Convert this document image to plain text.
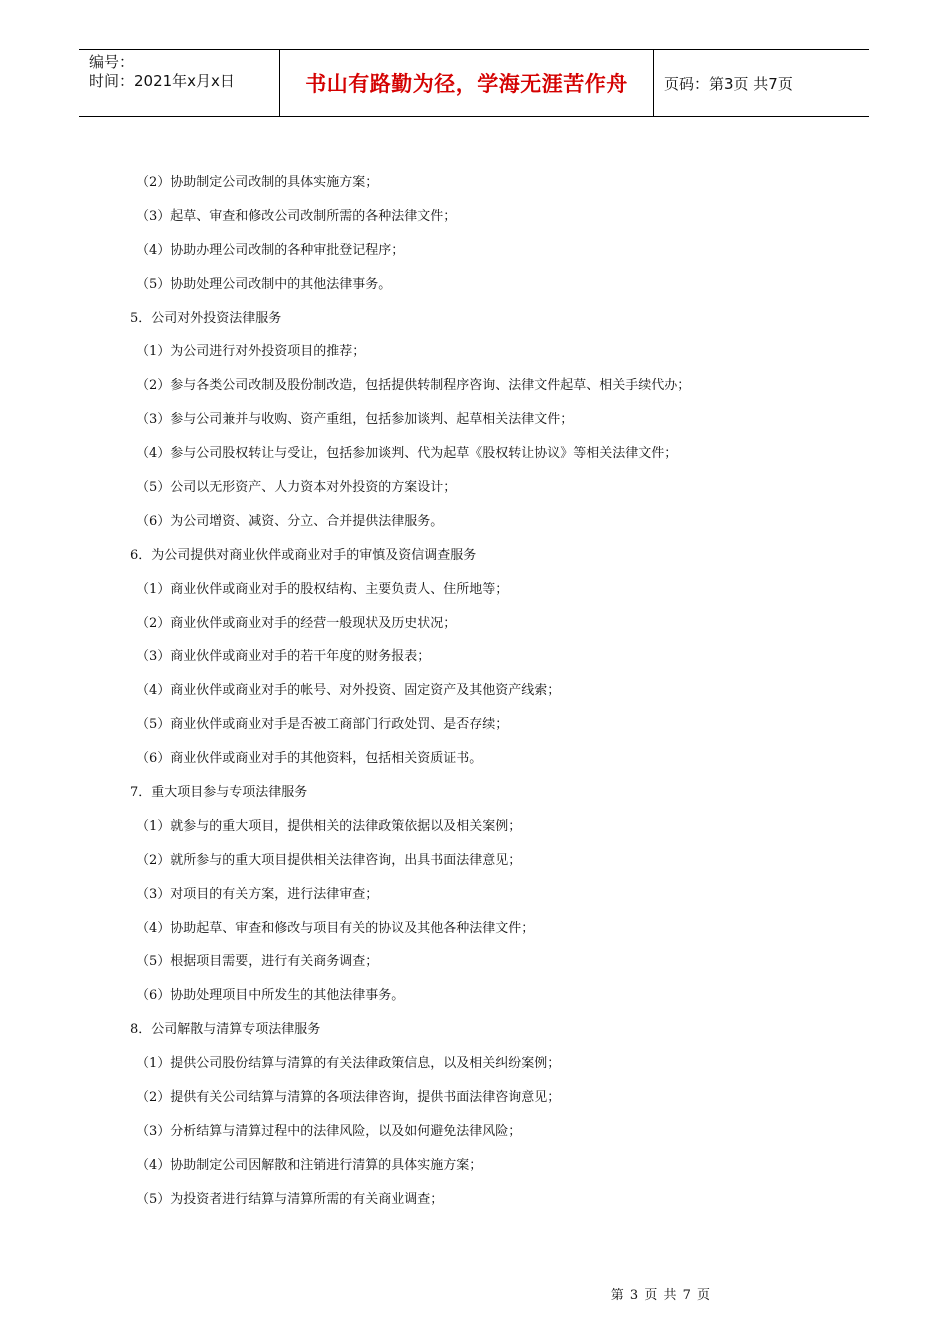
编号：
时间：2021年x月x日	书山有路勤为径，学海无涯苦作舟	页码：第3页 共7页
（2）协助制定公司改制的具体实施方案；
（3）起草、审查和修改公司改制所需的各种法律文件；
（4）协助办理公司改制的各种审批登记程序；
（5）协助处理公司改制中的其他法律事务。
5．公司对外投资法律服务
（1）为公司进行对外投资项目的推荐；
（2）参与各类公司改制及股份制改造，包括提供转制程序咨询、法律文件起草、相关手续代办；
（3）参与公司兼并与收购、资产重组，包括参加谈判、起草相关法律文件；
（4）参与公司股权转让与受让，包括参加谈判、代为起草《股权转让协议》等相关法律文件；
（5）公司以无形资产、人力资本对外投资的方案设计；
（6）为公司增资、减资、分立、合并提供法律服务。
6．为公司提供对商业伙伴或商业对手的审慎及资信调查服务
（1）商业伙伴或商业对手的股权结构、主要负责人、住所地等；
（2）商业伙伴或商业对手的经营一般现状及历史状况；
（3）商业伙伴或商业对手的若干年度的财务报表；
（4）商业伙伴或商业对手的帐号、对外投资、固定资产及其他资产线索；
（5）商业伙伴或商业对手是否被工商部门行政处罚、是否存续；
（6）商业伙伴或商业对手的其他资料，包括相关资质证书。
7．重大项目参与专项法律服务
（1）就参与的重大项目，提供相关的法律政策依据以及相关案例；
（2）就所参与的重大项目提供相关法律咨询，出具书面法律意见；
（3）对项目的有关方案，进行法律审查；
（4）协助起草、审查和修改与项目有关的协议及其他各种法律文件；
（5）根据项目需要，进行有关商务调查；
（6）协助处理项目中所发生的其他法律事务。
8．公司解散与清算专项法律服务
（1）提供公司股份结算与清算的有关法律政策信息，以及相关纠纷案例；
（2）提供有关公司结算与清算的各项法律咨询，提供书面法律咨询意见；
（3）分析结算与清算过程中的法律风险，以及如何避免法律风险；
（4）协助制定公司因解散和注销进行清算的具体实施方案；
（5）为投资者进行结算与清算所需的有关商业调查；
第 3 页 共 7 页
